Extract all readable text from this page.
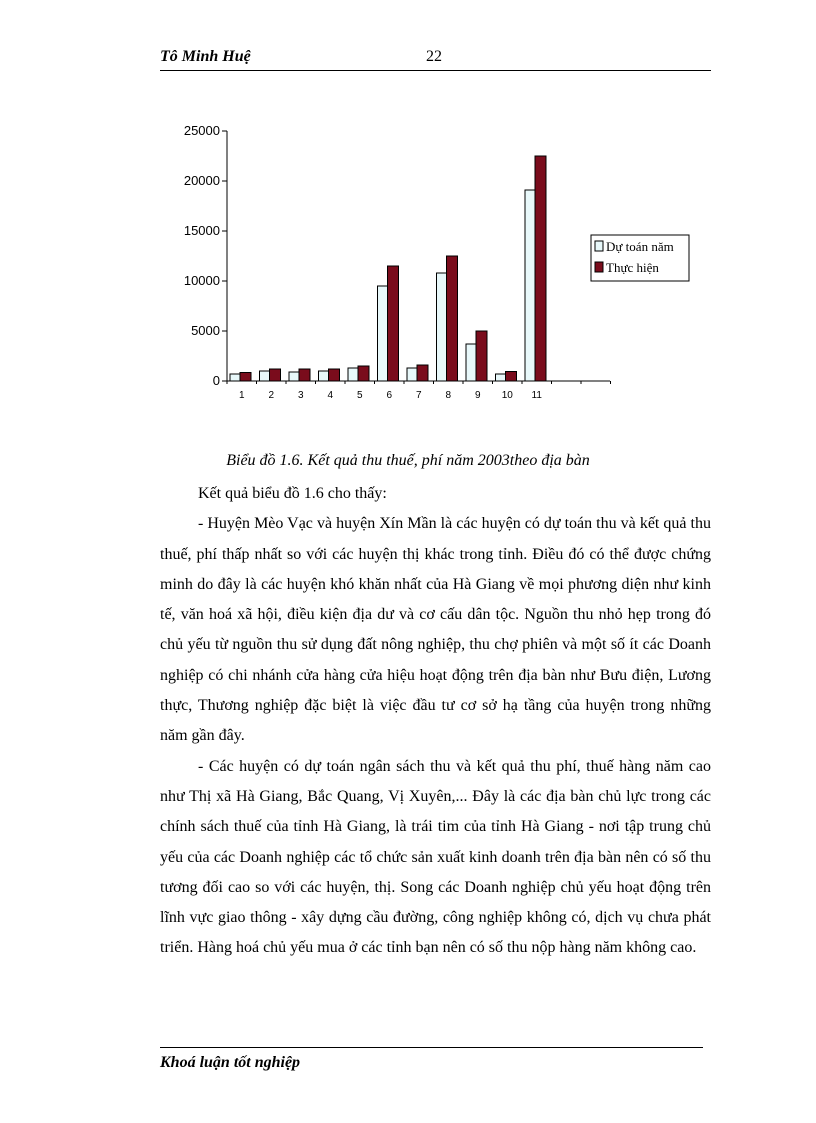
Tô Minh Huệ	22
0
5000
10000
15000
20000
25000
1 2 3 4 5 6 7 8 9 10 11
Dự toán năm
Thực hiện
Biểu đồ 1.6. Kết quả thu thuế, phí năm 2003theo địa bàn

Kết quả biểu đồ 1.6 cho thấy:

- Huyện Mèo Vạc và huyện Xín Mần là các huyện có dự toán thu và kết quả thu thuế, phí thấp nhất so với các huyện thị khác trong tỉnh. Điều đó có thể được chứng minh do đây là các huyện khó khăn nhất của Hà Giang về mọi phương diện như kinh tế, văn hoá xã hội, điều kiện địa dư và cơ cấu dân tộc. Nguồn thu nhỏ hẹp trong đó chủ yếu từ nguồn thu sử dụng đất nông nghiệp, thu chợ phiên và một số ít các Doanh nghiệp có chi nhánh cửa hàng cửa hiệu hoạt động trên địa bàn như Bưu điện, Lương thực, Thương nghiệp đặc biệt là việc đầu tư cơ sở hạ tầng của huyện trong những năm gần đây.

- Các huyện có dự toán ngân sách thu và kết quả thu phí, thuế hàng năm cao như Thị xã Hà Giang, Bắc Quang, Vị Xuyên,... Đây là các địa bàn chủ lực trong các chính sách thuế của tỉnh Hà Giang, là trái tim của tỉnh Hà Giang - nơi tập trung chủ yếu của các Doanh nghiệp các tổ chức sản xuất kinh doanh trên địa bàn nên có số thu tương đối cao so với các huyện, thị. Song các Doanh nghiệp chủ yếu hoạt động trên lĩnh vực giao thông - xây dựng cầu đường, công nghiệp không có, dịch vụ chưa phát triển. Hàng hoá chủ yếu mua ở các tỉnh bạn nên có số thu nộp hàng năm không cao.

Khoá luận tốt nghiệp
